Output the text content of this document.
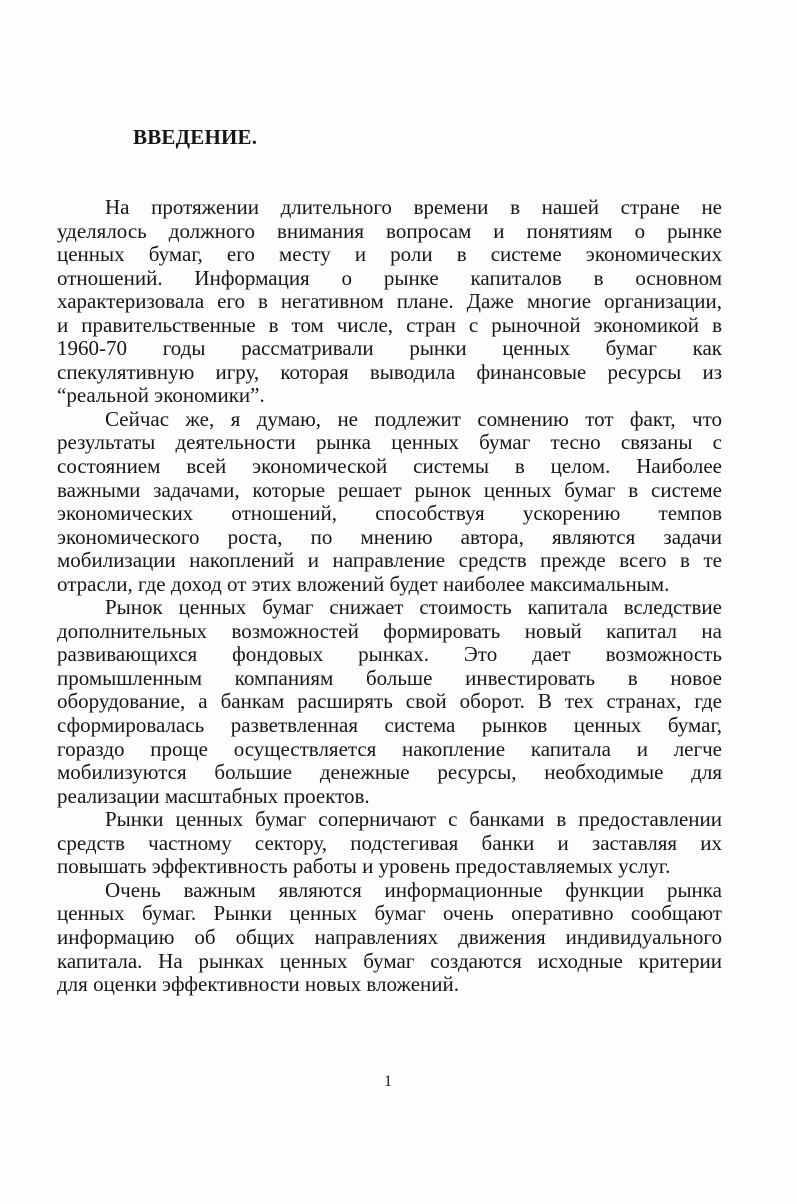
ВВЕДЕНИЕ.
На протяжении длительного времени в нашей стране не
уделялось должного внимания вопросам и понятиям о рынке
ценных бумаг, его месту и роли в системе экономических
отношений. Информация о рынке капиталов в основном
характеризовала его в негативном плане. Даже многие организации,
и правительственные в том числе, стран с рыночной экономикой в
1960-70 годы рассматривали рынки ценных бумаг как
спекулятивную игру, которая выводила финансовые ресурсы из
“реальной экономики”.
Сейчас же, я думаю, не подлежит сомнению тот факт, что
результаты деятельности рынка ценных бумаг тесно связаны с
состоянием всей экономической системы в целом. Наиболее
важными задачами, которые решает рынок ценных бумаг в системе
экономических отношений, способствуя ускорению темпов
экономического роста, по мнению автора, являются задачи
мобилизации накоплений и направление средств прежде всего в те
отрасли, где доход от этих вложений будет наиболее максимальным.
Рынок ценных бумаг снижает стоимость капитала вследствие
дополнительных возможностей формировать новый капитал на
развивающихся фондовых рынках. Это дает возможность
промышленным компаниям больше инвестировать в новое
оборудование, а банкам расширять свой оборот. В тех странах, где
сформировалась разветвленная система рынков ценных бумаг,
гораздо проще осуществляется накопление капитала и легче
мобилизуются большие денежные ресурсы, необходимые для
реализации масштабных проектов.
Рынки ценных бумаг соперничают с банками в предоставлении
средств частному сектору, подстегивая банки и заставляя их
повышать эффективность работы и уровень предоставляемых услуг.
Очень важным являются информационные функции рынка
ценных бумаг. Рынки ценных бумаг очень оперативно сообщают
информацию об общих направлениях движения индивидуального
капитала. На рынках ценных бумаг создаются исходные критерии
для оценки эффективности новых вложений.
1
